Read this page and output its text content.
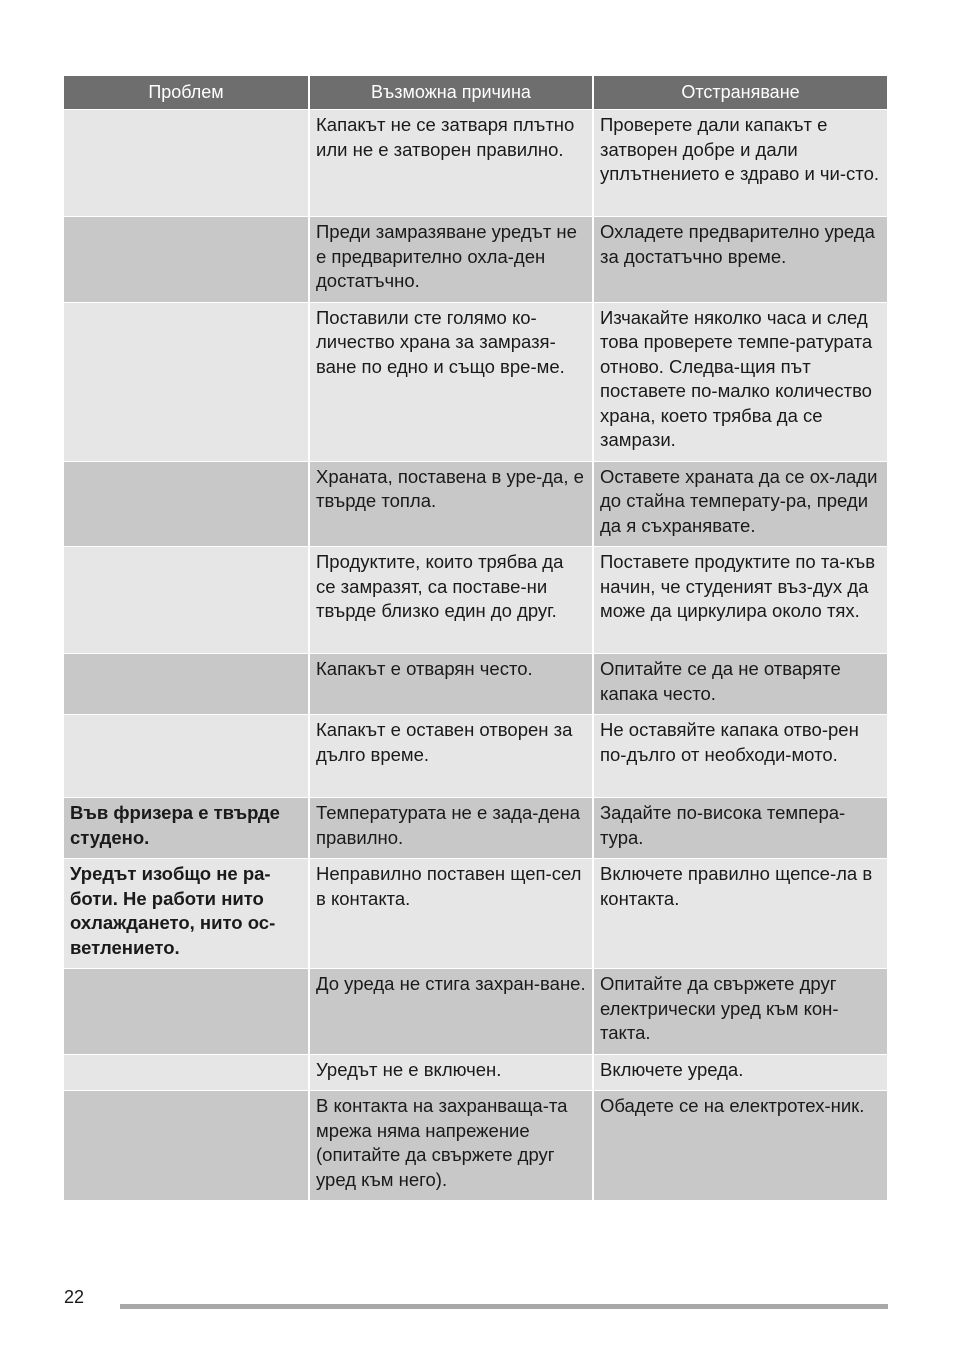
Проблем	Възможна причина	Отстраняване
	Капакът не се затваря плътно или не е затворен правилно.	Проверете дали капакът е затворен добре и дали уплътнението е здраво и чи-сто.
	Преди замразяване уредът не е предварително охла-ден достатъчно.	Охладете предварително уреда за достатъчно време.
	Поставили сте голямо ко-личество храна за замразя-ване по едно и също вре-ме.	Изчакайте няколко часа и след това проверете темпе-ратурата отново. Следва-щия път поставете по-малко количество храна, което трябва да се замрази.
	Храната, поставена в уре-да, е твърде топла.	Оставете храната да се ох-лади до стайна температу-ра, преди да я съхранявате.
	Продуктите, които трябва да се замразят, са поставе-ни твърде близко един до друг.	Поставете продуктите по та-къв начин, че студеният въз-дух да може да циркулира около тях.
	Капакът е отварян често.	Опитайте се да не отваряте капака често.
	Капакът е оставен отворен за дълго време.	Не оставяйте капака отво-рен по-дълго от необходи-мото.
Във фризера е твърде студено.	Температурата не е зада-дена правилно.	Задайте по-висока темпера-тура.
Уредът изобщо не ра-боти. Не работи нито охлаждането, нито ос-ветлението.	Неправилно поставен щеп-сел в контакта.	Включете правилно щепсе-ла в контакта.
	До уреда не стига захран-ване.	Опитайте да свържете друг електрически уред към кон-такта.
	Уредът не е включен.	Включете уреда.
	В контакта на захранваща-та мрежа няма напрежение (опитайте да свържете друг уред към него).	Обадете се на електротех-ник.
22
